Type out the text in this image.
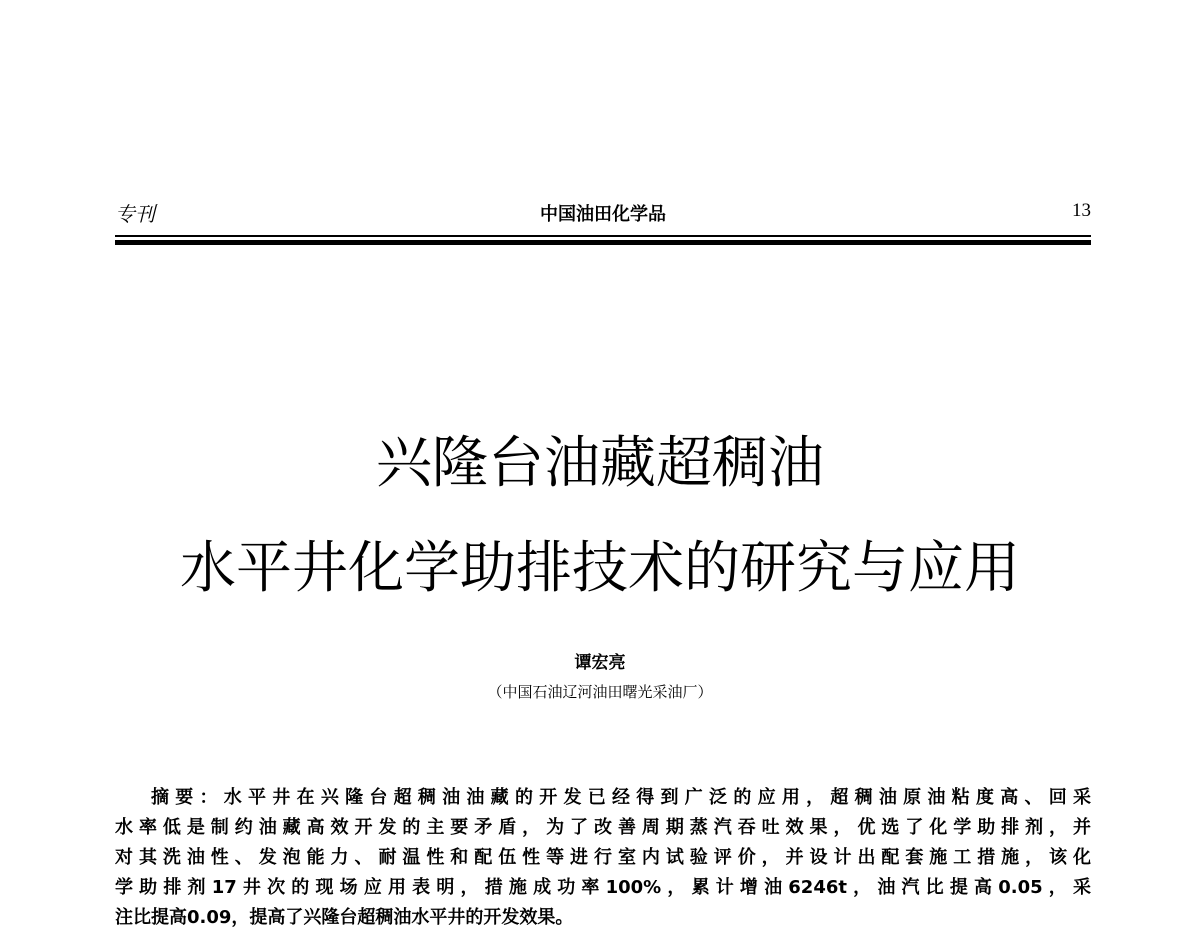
专刊	中国油田化学品	13
兴隆台油藏超稠油
水平井化学助排技术的研究与应用
谭宏亮
（中国石油辽河油田曙光采油厂）
摘要：水平井在兴隆台超稠油油藏的开发已经得到广泛的应用，超稠油原油粘度高、回采
水率低是制约油藏高效开发的主要矛盾，为了改善周期蒸汽吞吐效果，优选了化学助排剂，并
对其洗油性、发泡能力、耐温性和配伍性等进行室内试验评价，并设计出配套施工措施，该化
学助排剂17井次的现场应用表明，措施成功率100%，累计增油6246t，油汽比提高0.05，采
注比提高0.09，提高了兴隆台超稠油水平井的开发效果。
